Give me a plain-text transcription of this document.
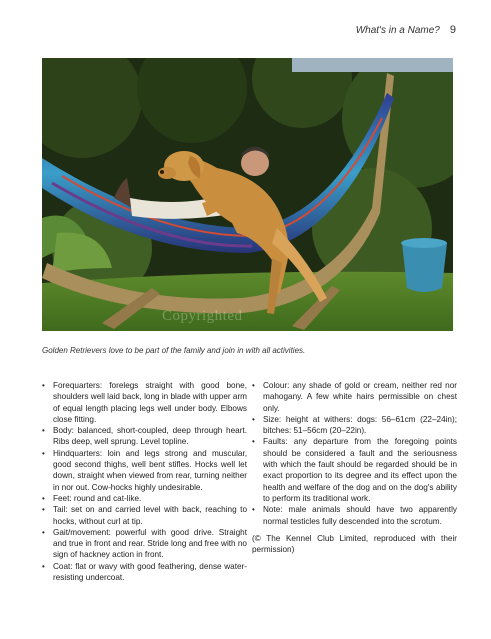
What's in a Name? 9
Copyrighted
Golden Retrievers love to be part of the family and join in with all activities.
• Forequarters: forelegs straight with good bone, shoulders well laid back, long in blade with upper arm of equal length placing legs well under body. Elbows close fitting.
• Body: balanced, short-coupled, deep through heart. Ribs deep, well sprung. Level topline.
• Hindquarters: loin and legs strong and muscular, good second thighs, well bent stifles. Hocks well let down, straight when viewed from rear, turning neither in nor out. Cow-hocks highly undesirable.
• Feet: round and cat-like.
• Tail: set on and carried level with back, reaching to hocks, without curl at tip.
• Gait/movement: powerful with good drive. Straight and true in front and rear. Stride long and free with no sign of hackney action in front.
• Coat: flat or wavy with good feathering, dense water-resisting undercoat.
• Colour: any shade of gold or cream, neither red nor mahogany. A few white hairs permissible on chest only.
• Size: height at withers: dogs: 56–61cm (22–24in); bitches: 51–56cm (20–22in).
• Faults: any departure from the foregoing points should be considered a fault and the seriousness with which the fault should be regarded should be in exact proportion to its degree and its effect upon the health and welfare of the dog and on the dog's ability to perform its traditional work.
• Note: male animals should have two apparently normal testicles fully descended into the scrotum.
(© The Kennel Club Limited, reproduced with their permission)
